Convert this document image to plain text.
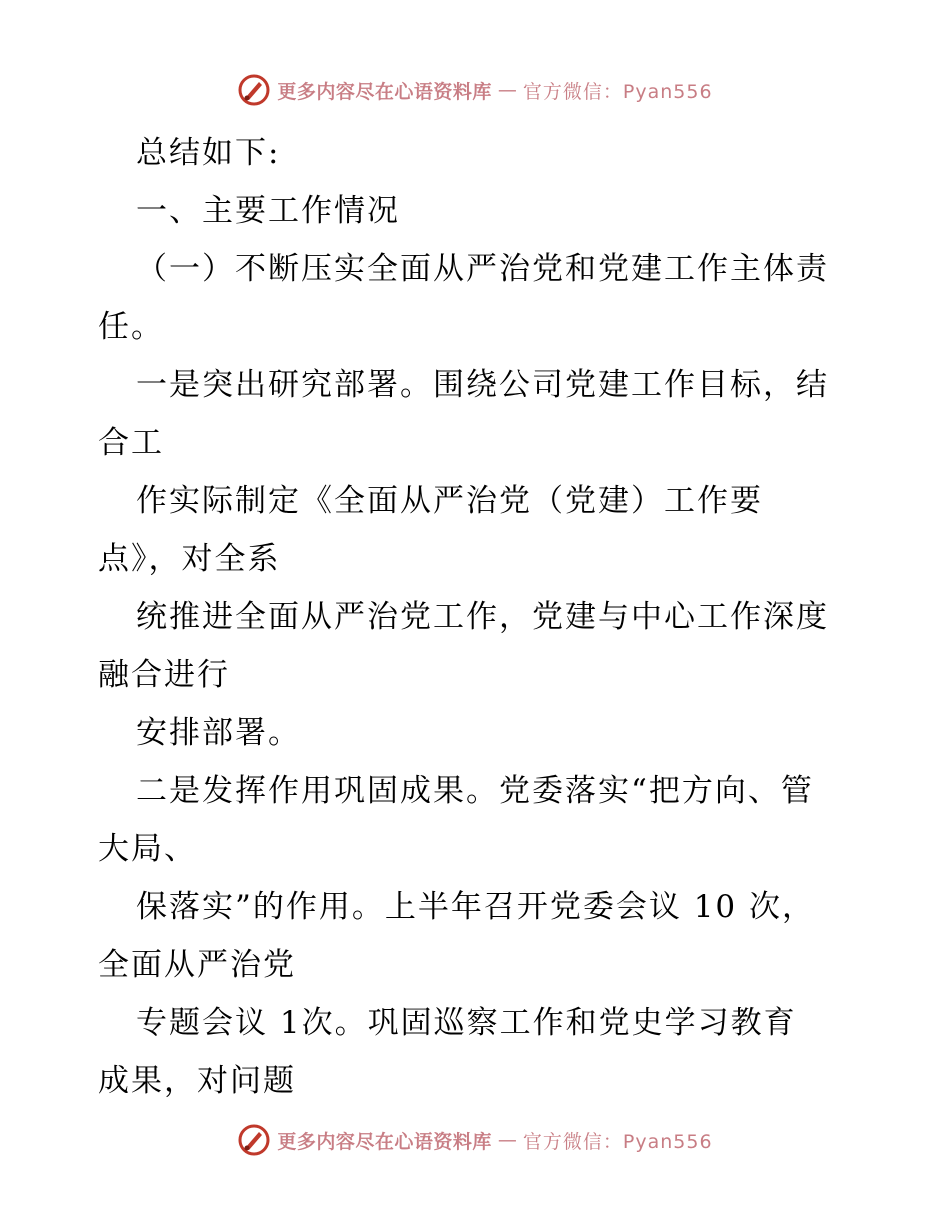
更多内容尽在心语资料库 — 官方微信：Pyan556
总结如下:
一、主要工作情况
（一）不断压实全面从严治党和党建工作主体责
任。
一是突出研究部署。围绕公司党建工作目标，结
合工
作实际制定《全面从严治党（党建）工作要
点》，对全系
统推进全面从严治党工作，党建与中心工作深度
融合进行
安排部署。
二是发挥作用巩固成果。党委落实“把方向、管
大局、
保落实”的作用。上半年召开党委会议 10 次，
全面从严治党
专题会议 1次。巩固巡察工作和党史学习教育
成果，对问题
更多内容尽在心语资料库 — 官方微信：Pyan556
